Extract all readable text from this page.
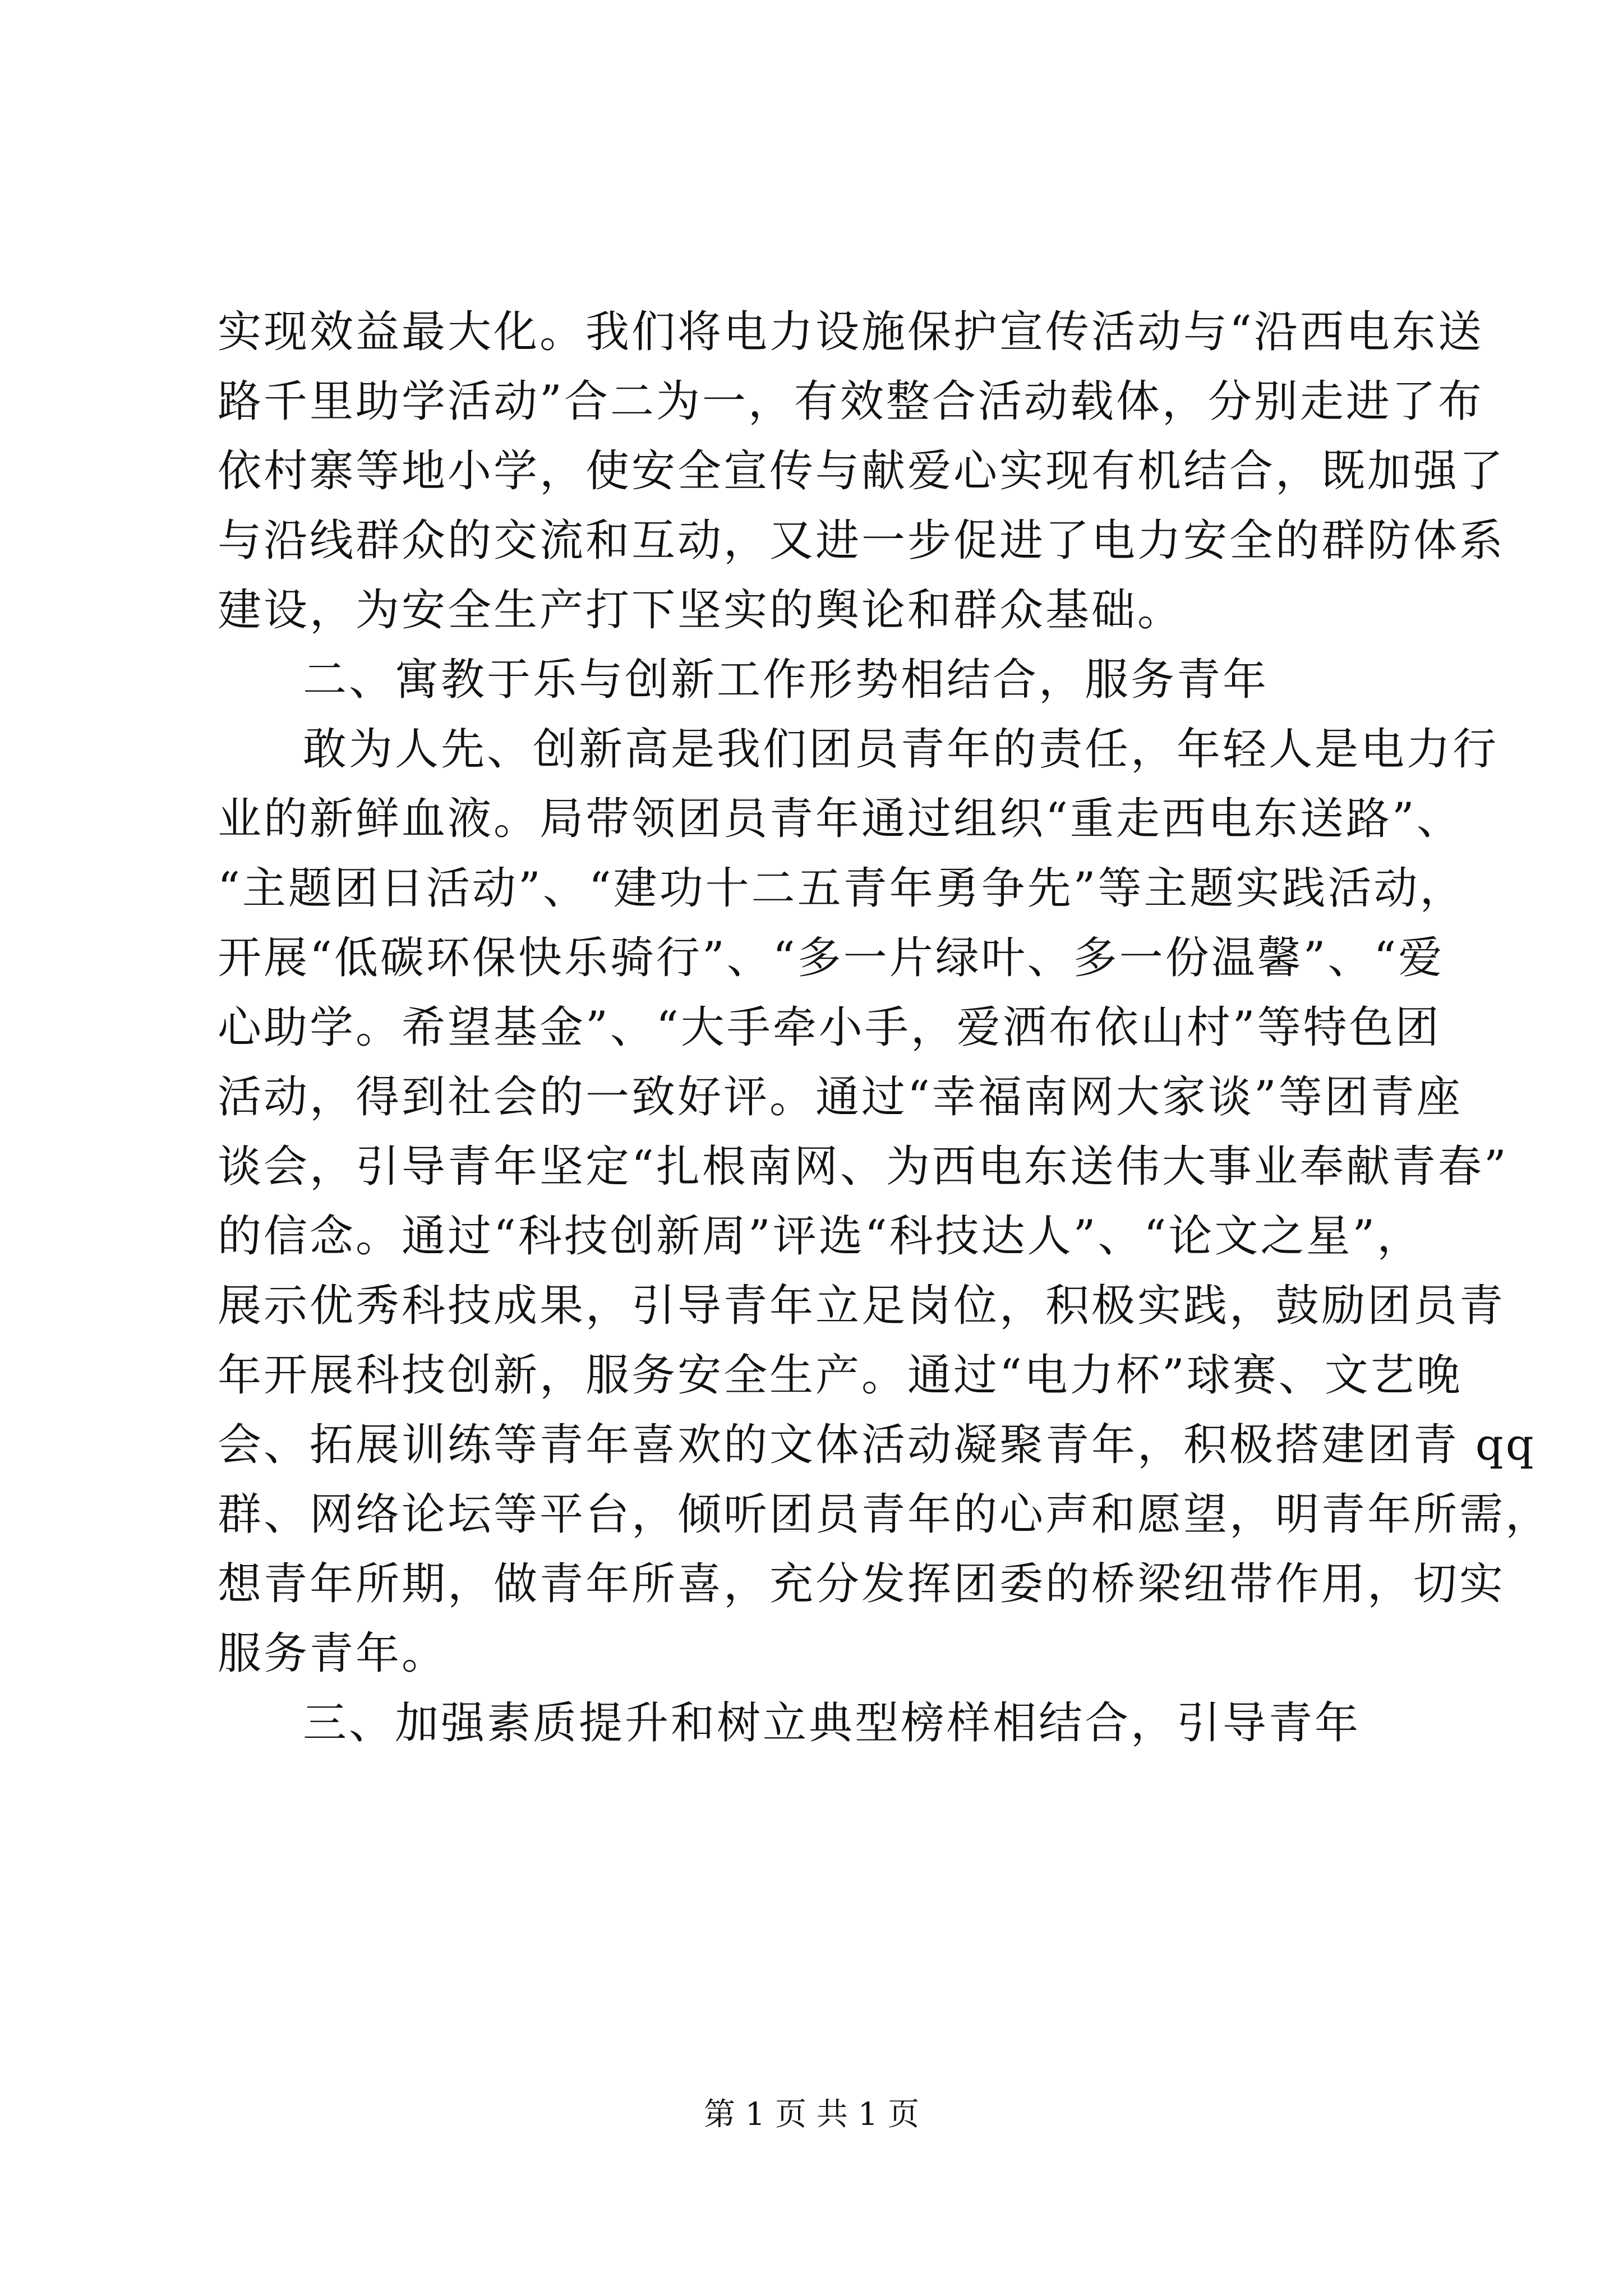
实现效益最大化。我们将电力设施保护宣传活动与“沿西电东送
路千里助学活动”合二为一，有效整合活动载体，分别走进了布
依村寨等地小学，使安全宣传与献爱心实现有机结合，既加强了
与沿线群众的交流和互动，又进一步促进了电力安全的群防体系
建设，为安全生产打下坚实的舆论和群众基础。
二、寓教于乐与创新工作形势相结合，服务青年
敢为人先、创新高是我们团员青年的责任，年轻人是电力行
业的新鲜血液。局带领团员青年通过组织“重走西电东送路”、
“主题团日活动”、“建功十二五青年勇争先”等主题实践活动，
开展“低碳环保快乐骑行”、“多一片绿叶、多一份温馨”、“爱
心助学。希望基金”、“大手牵小手，爱洒布依山村”等特色团
活动，得到社会的一致好评。通过“幸福南网大家谈”等团青座
谈会，引导青年坚定“扎根南网、为西电东送伟大事业奉献青春”
的信念。通过“科技创新周”评选“科技达人”、“论文之星”，
展示优秀科技成果，引导青年立足岗位，积极实践，鼓励团员青
年开展科技创新，服务安全生产。通过“电力杯”球赛、文艺晚
会、拓展训练等青年喜欢的文体活动凝聚青年，积极搭建团青 qq
群、网络论坛等平台，倾听团员青年的心声和愿望，明青年所需，
想青年所期，做青年所喜，充分发挥团委的桥梁纽带作用，切实
服务青年。
三、加强素质提升和树立典型榜样相结合，引导青年
第 1 页 共 1 页
